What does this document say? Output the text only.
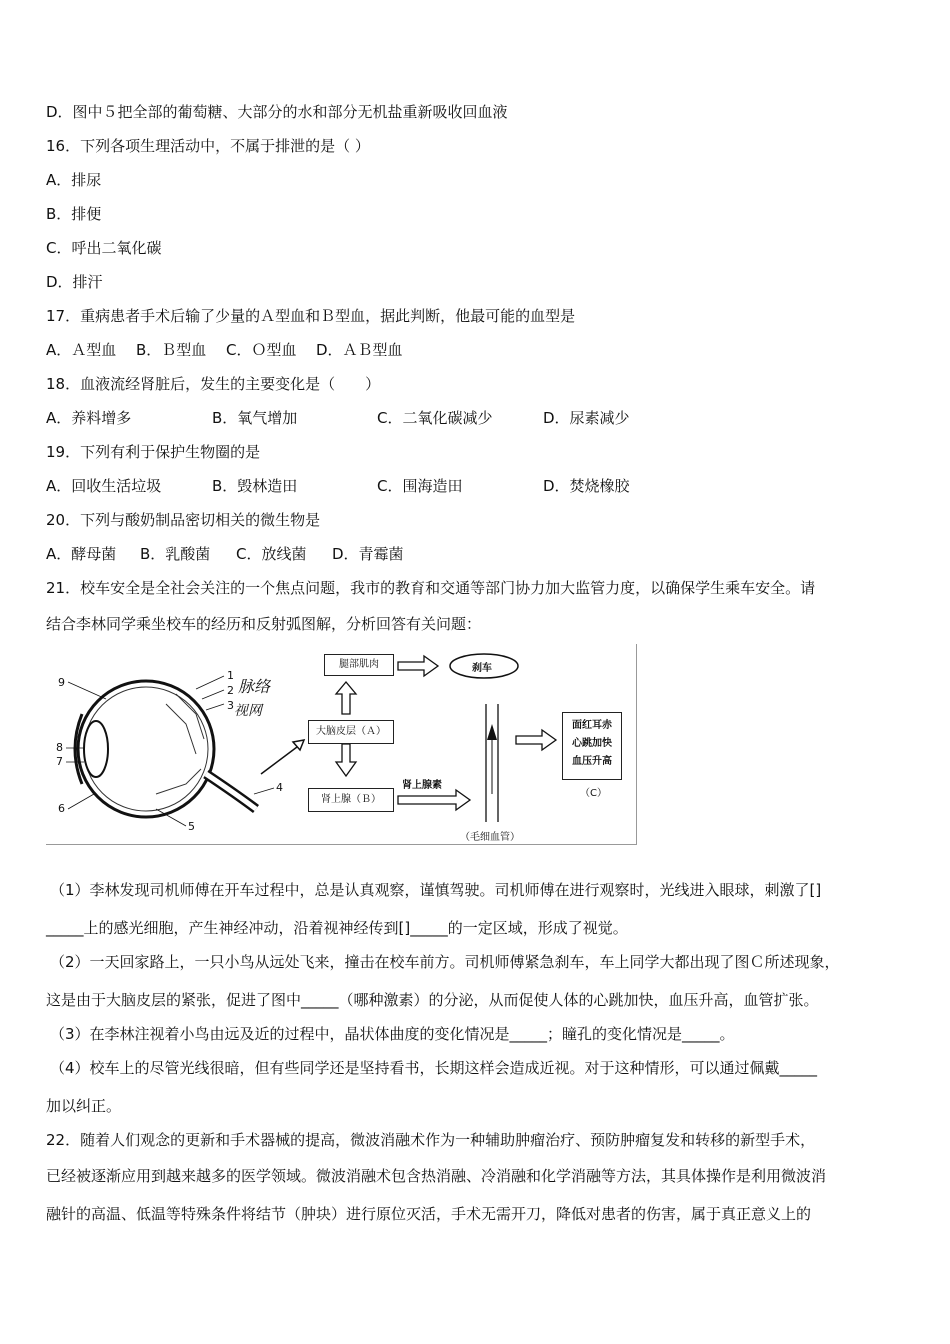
D．图中５把全部的葡萄糖、大部分的水和部分无机盐重新吸收回血液
16．下列各项生理活动中，不属于排泄的是（ ）
A．排尿
B．排便
C．呼出二氧化碳
D．排汗
17．重病患者手术后输了少量的Ａ型血和Ｂ型血，据此判断，他最可能的血型是
A．Ａ型血 B．Ｂ型血 C．Ｏ型血 D．ＡＢ型血
18．血液流经肾脏后，发生的主要变化是（　　）
A．养料增多	B．氧气增加	C．二氧化碳减少	D．尿素减少
19．下列有利于保护生物圈的是
A．回收生活垃圾	B．毁林造田	C．围海造田	D．焚烧橡胶
20．下列与酸奶制品密切相关的微生物是
A．酵母菌 B．乳酸菌 C．放线菌 D．青霉菌
21．校车安全是全社会关注的一个焦点问题，我市的教育和交通等部门协力加大监管力度，以确保学生乘车安全。请
结合李林同学乘坐校车的经历和反射弧图解，分析回答有关问题：
9
1
2
3
8
7
6
5
4
脉络
视网
腿部肌肉	刹车
大脑皮层（Ａ）
肾上腺（Ｂ）
肾上腺素
（毛细血管）
面红耳赤
心跳加快
血压升高
（C）
（1）李林发现司机师傅在开车过程中，总是认真观察，谨慎驾驶。司机师傅在进行观察时，光线进入眼球，刺激了[]
_____上的感光细胞，产生神经冲动，沿着视神经传到[]_____的一定区域，形成了视觉。
（2）一天回家路上，一只小鸟从远处飞来，撞击在校车前方。司机师傅紧急刹车，车上同学大都出现了图Ｃ所述现象，
这是由于大脑皮层的紧张，促进了图中_____（哪种激素）的分泌，从而促使人体的心跳加快，血压升高，血管扩张。
（3）在李林注视着小鸟由远及近的过程中，晶状体曲度的变化情况是_____；瞳孔的变化情况是_____。
（4）校车上的尽管光线很暗，但有些同学还是坚持看书，长期这样会造成近视。对于这种情形，可以通过佩戴_____
加以纠正。
22．随着人们观念的更新和手术器械的提高，微波消融术作为一种辅助肿瘤治疗、预防肿瘤复发和转移的新型手术，
已经被逐渐应用到越来越多的医学领域。微波消融术包含热消融、冷消融和化学消融等方法，其具体操作是利用微波消
融针的高温、低温等特殊条件将结节（肿块）进行原位灭活，手术无需开刀，降低对患者的伤害，属于真正意义上的
